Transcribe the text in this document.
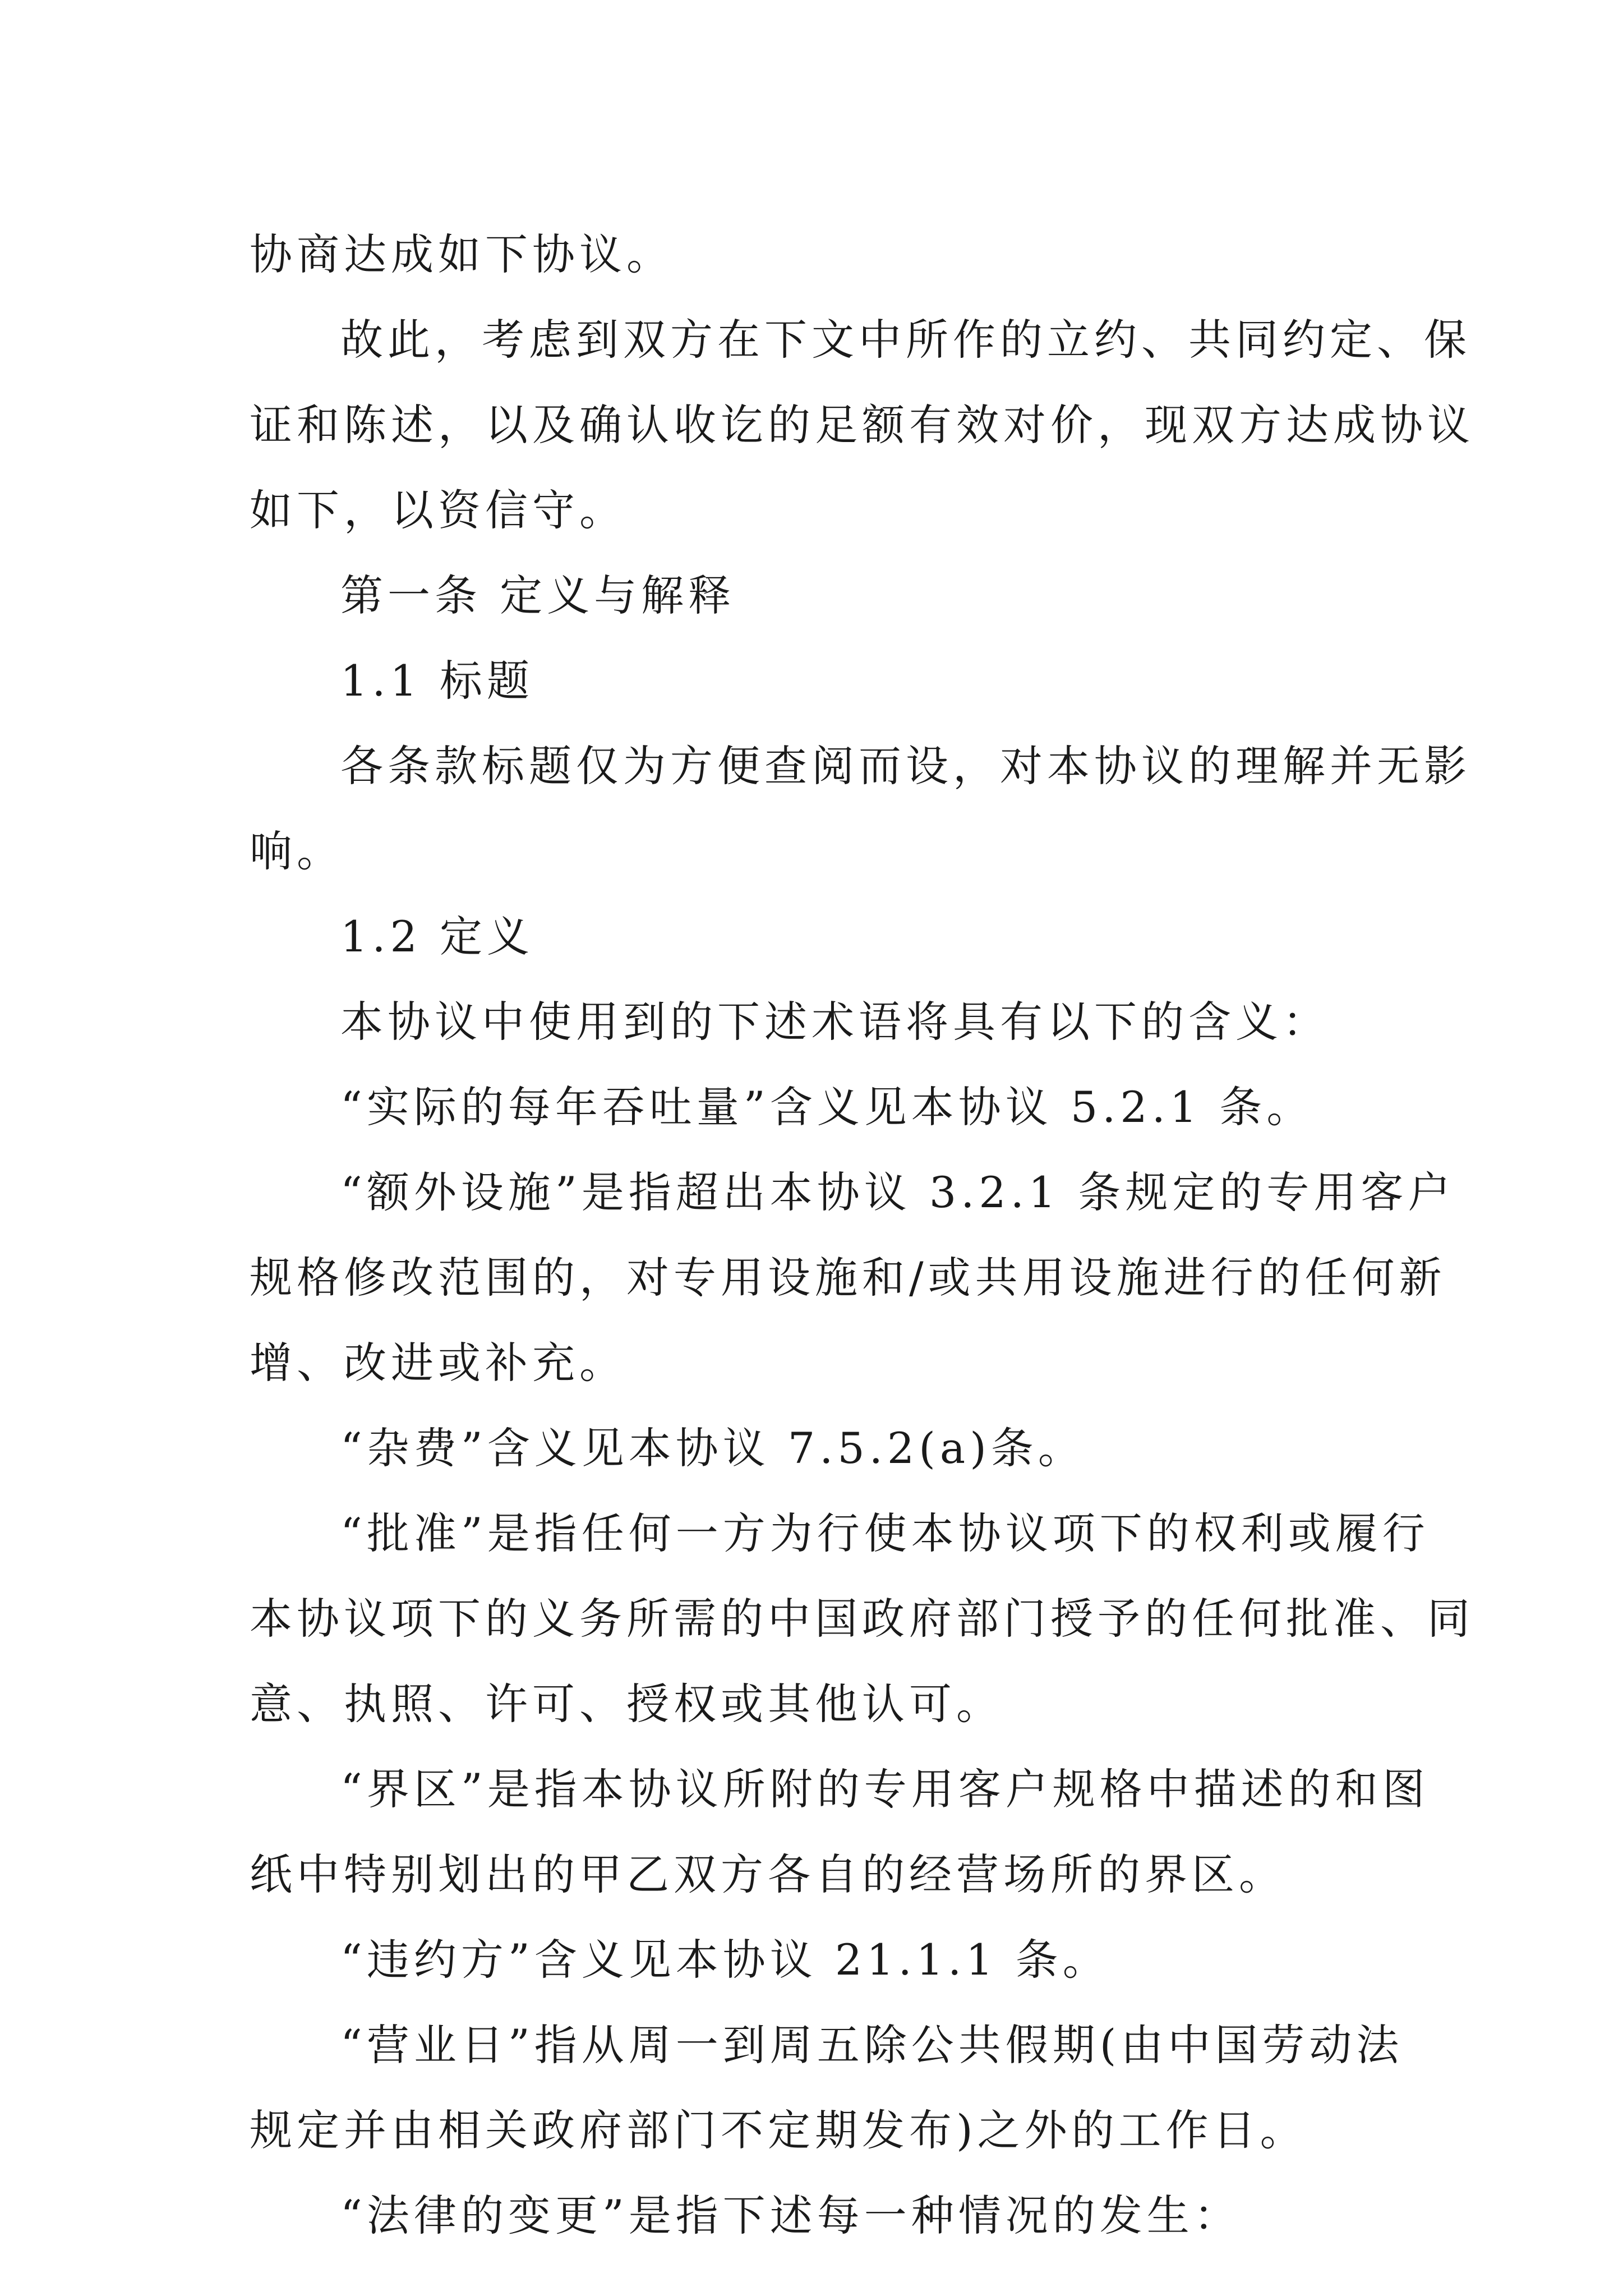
协商达成如下协议。
故此，考虑到双方在下文中所作的立约、共同约定、保
证和陈述，以及确认收讫的足额有效对价，现双方达成协议
如下，以资信守。
第一条 定义与解释
1.1 标题
各条款标题仅为方便查阅而设，对本协议的理解并无影
响。
1.2 定义
本协议中使用到的下述术语将具有以下的含义：
“实际的每年吞吐量”含义见本协议 5.2.1 条。
“额外设施”是指超出本协议 3.2.1 条规定的专用客户
规格修改范围的，对专用设施和/或共用设施进行的任何新
增、改进或补充。
“杂费”含义见本协议 7.5.2(a)条。
“批准”是指任何一方为行使本协议项下的权利或履行
本协议项下的义务所需的中国政府部门授予的任何批准、同
意、执照、许可、授权或其他认可。
“界区”是指本协议所附的专用客户规格中描述的和图
纸中特别划出的甲乙双方各自的经营场所的界区。
“违约方”含义见本协议 21.1.1 条。
“营业日”指从周一到周五除公共假期(由中国劳动法
规定并由相关政府部门不定期发布)之外的工作日。
“法律的变更”是指下述每一种情况的发生：
